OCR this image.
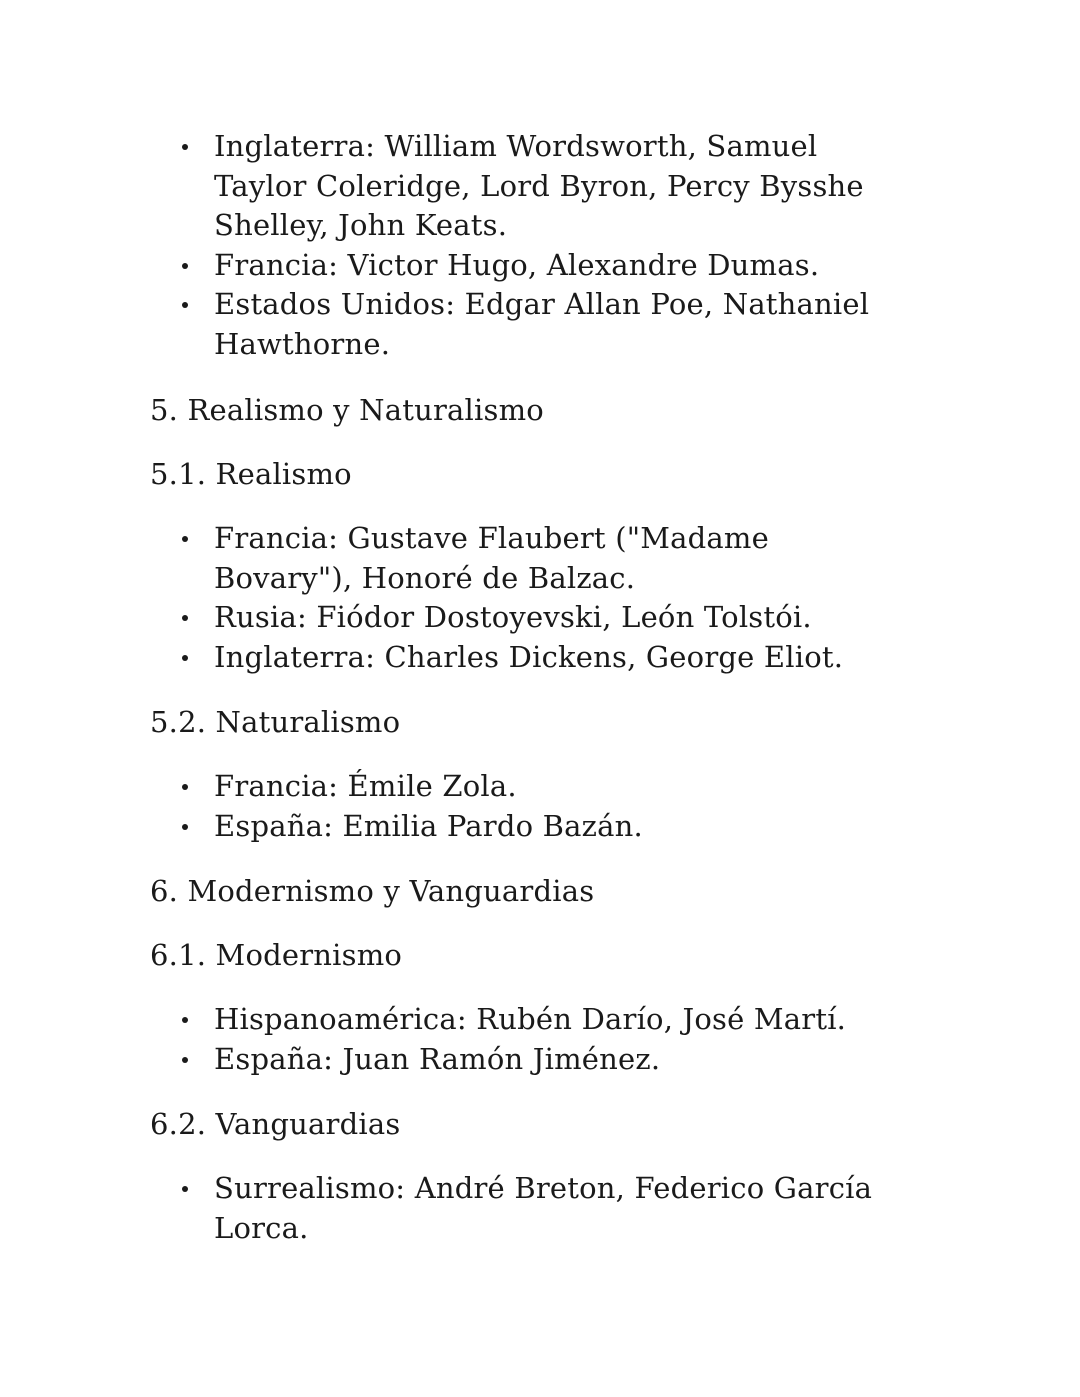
Inglaterra: William Wordsworth, Samuel Taylor Coleridge, Lord Byron, Percy Bysshe Shelley, John Keats.
Francia: Victor Hugo, Alexandre Dumas.
Estados Unidos: Edgar Allan Poe, Nathaniel Hawthorne.
5. Realismo y Naturalismo
5.1. Realismo
Francia: Gustave Flaubert ("Madame Bovary"), Honoré de Balzac.
Rusia: Fiódor Dostoyevski, León Tolstói.
Inglaterra: Charles Dickens, George Eliot.
5.2. Naturalismo
Francia: Émile Zola.
España: Emilia Pardo Bazán.
6. Modernismo y Vanguardias
6.1. Modernismo
Hispanoamérica: Rubén Darío, José Martí.
España: Juan Ramón Jiménez.
6.2. Vanguardias
Surrealismo: André Breton, Federico García Lorca.
